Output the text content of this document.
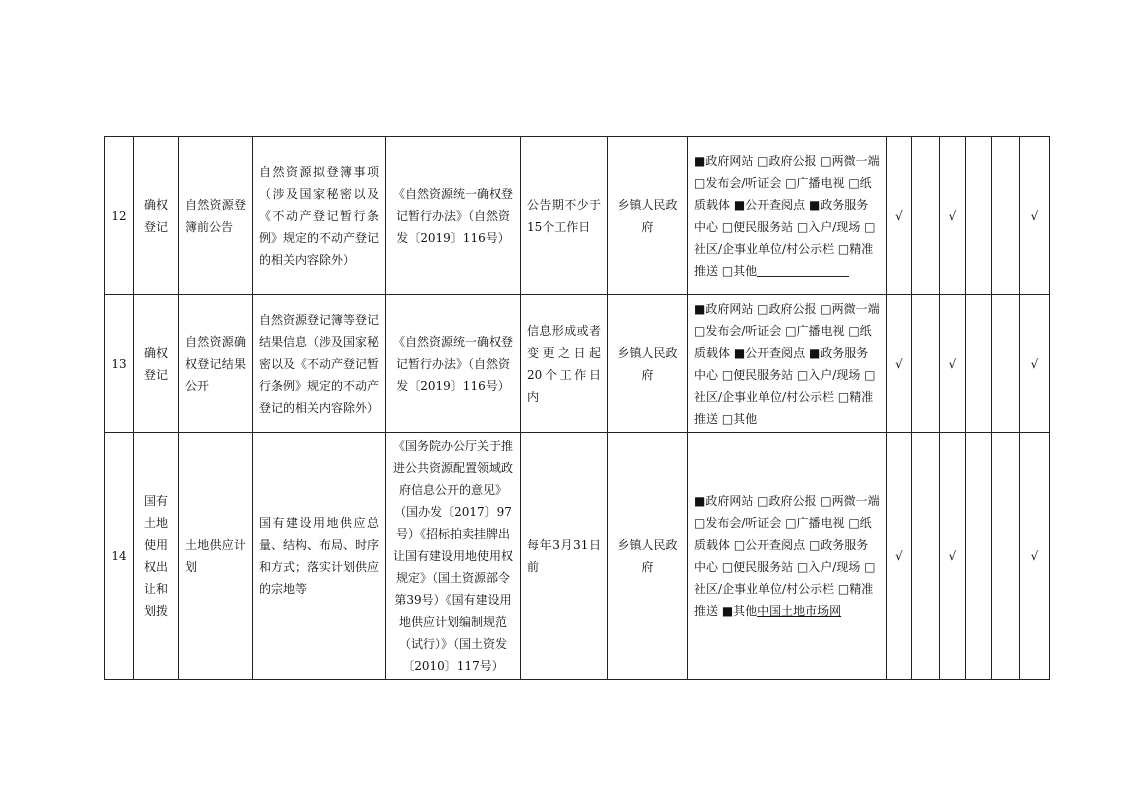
12	确权登记	自然资源登簿前公告	自然资源拟登簿事项（涉及国家秘密以及《不动产登记暂行条例》规定的不动产登记的相关内容除外）	《自然资源统一确权登记暂行办法》（自然资发〔2019〕116号）	公告期不少于15个工作日	乡镇人民政府	■政府网站 □政府公报 □两微一端 □发布会/听证会 □广播电视 □纸质载体 ■公开查阅点 ■政务服务中心 □便民服务站 □入户/现场 □社区/企事业单位/村公示栏 □精准推送 □其他	√		√			√
13	确权登记	自然资源确权登记结果公开	自然资源登记簿等登记结果信息（涉及国家秘密以及《不动产登记暂行条例》规定的不动产登记的相关内容除外）	《自然资源统一确权登记暂行办法》（自然资发〔2019〕116号）	信息形成或者变更之日起20个工作日内	乡镇人民政府	■政府网站 □政府公报 □两微一端 □发布会/听证会 □广播电视 □纸质载体 ■公开查阅点 ■政务服务中心 □便民服务站 □入户/现场 □社区/企事业单位/村公示栏 □精准推送 □其他	√		√			√
14	国有土地使用权出让和划拨	土地供应计划	国有建设用地供应总量、结构、布局、时序和方式；落实计划供应的宗地等	《国务院办公厅关于推进公共资源配置领域政府信息公开的意见》（国办发〔2017〕97号）《招标拍卖挂牌出让国有建设用地使用权规定》（国土资源部令第39号）《国有建设用地供应计划编制规范（试行）》（国土资发〔2010〕117号）	每年3月31日前	乡镇人民政府	■政府网站 □政府公报 □两微一端 □发布会/听证会 □广播电视 □纸质载体 □公开查阅点 □政务服务中心 □便民服务站 □入户/现场 □社区/企事业单位/村公示栏 □精准推送 ■其他中国土地市场网	√		√			√
